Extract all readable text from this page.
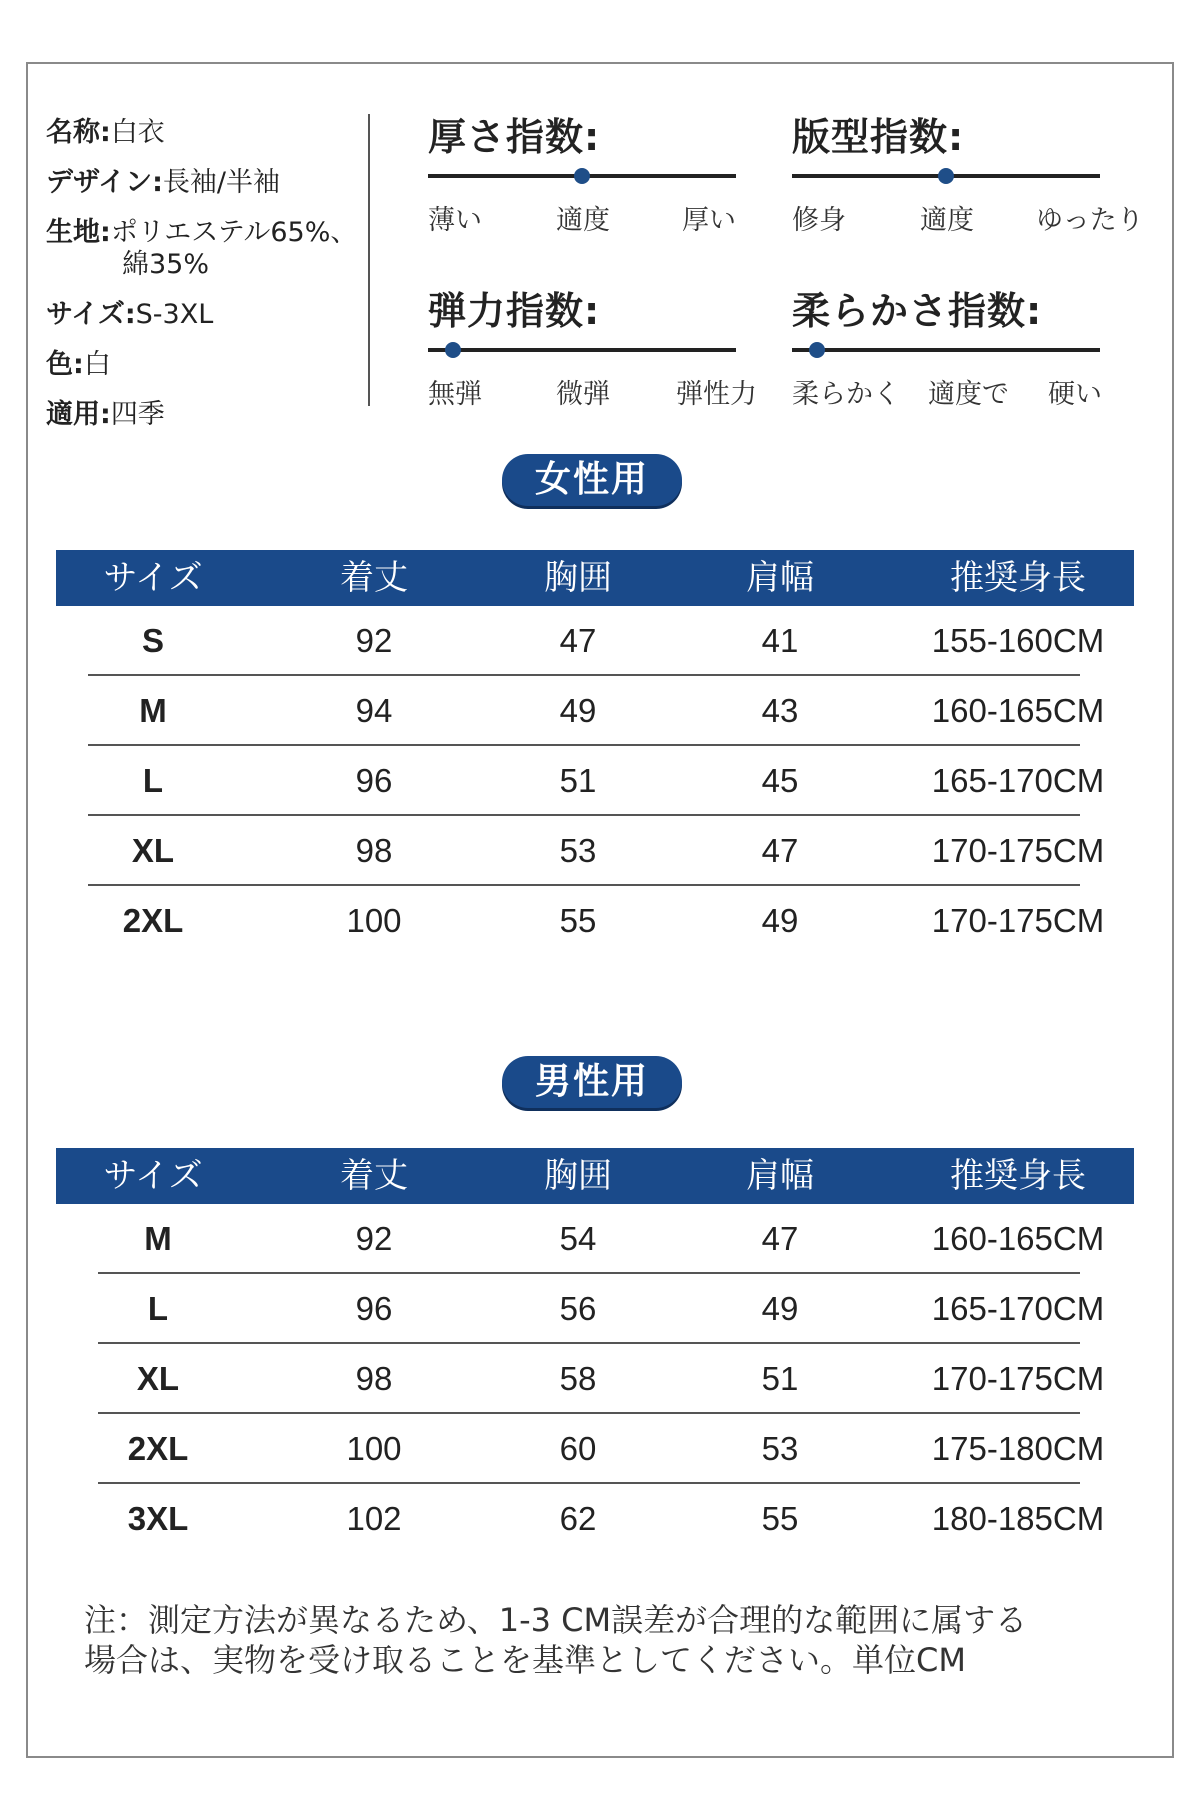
名称:白衣
デザイン:長袖/半袖
生地:ポリエステル65%、
綿35%
サイズ:S-3XL
色:白
適用:四季
厚さ指数:
薄い	適度	厚い
版型指数:
修身	適度 ゆったり
弾力指数:
無弾	微弾 弾性力
柔らかさ指数:
柔らかく 適度で 硬い
女性用
サイズ	着丈	胸囲	肩幅	推奨身長
S	92	47	41	155-160CM
M	94	49	43	160-165CM
L	96	51	45	165-170CM
XL	98	53	47	170-175CM
2XL	100	55	49	170-175CM
男性用
サイズ	着丈	胸囲	肩幅	推奨身長
M	92	54	47	160-165CM
L	96	56	49	165-170CM
XL	98	58	51	170-175CM
2XL	100	60	53	175-180CM
3XL	102	62	55	180-185CM
注：測定方法が異なるため、1-3 CM誤差が合理的な範囲に属する
場合は、実物を受け取ることを基準としてください。単位CM
